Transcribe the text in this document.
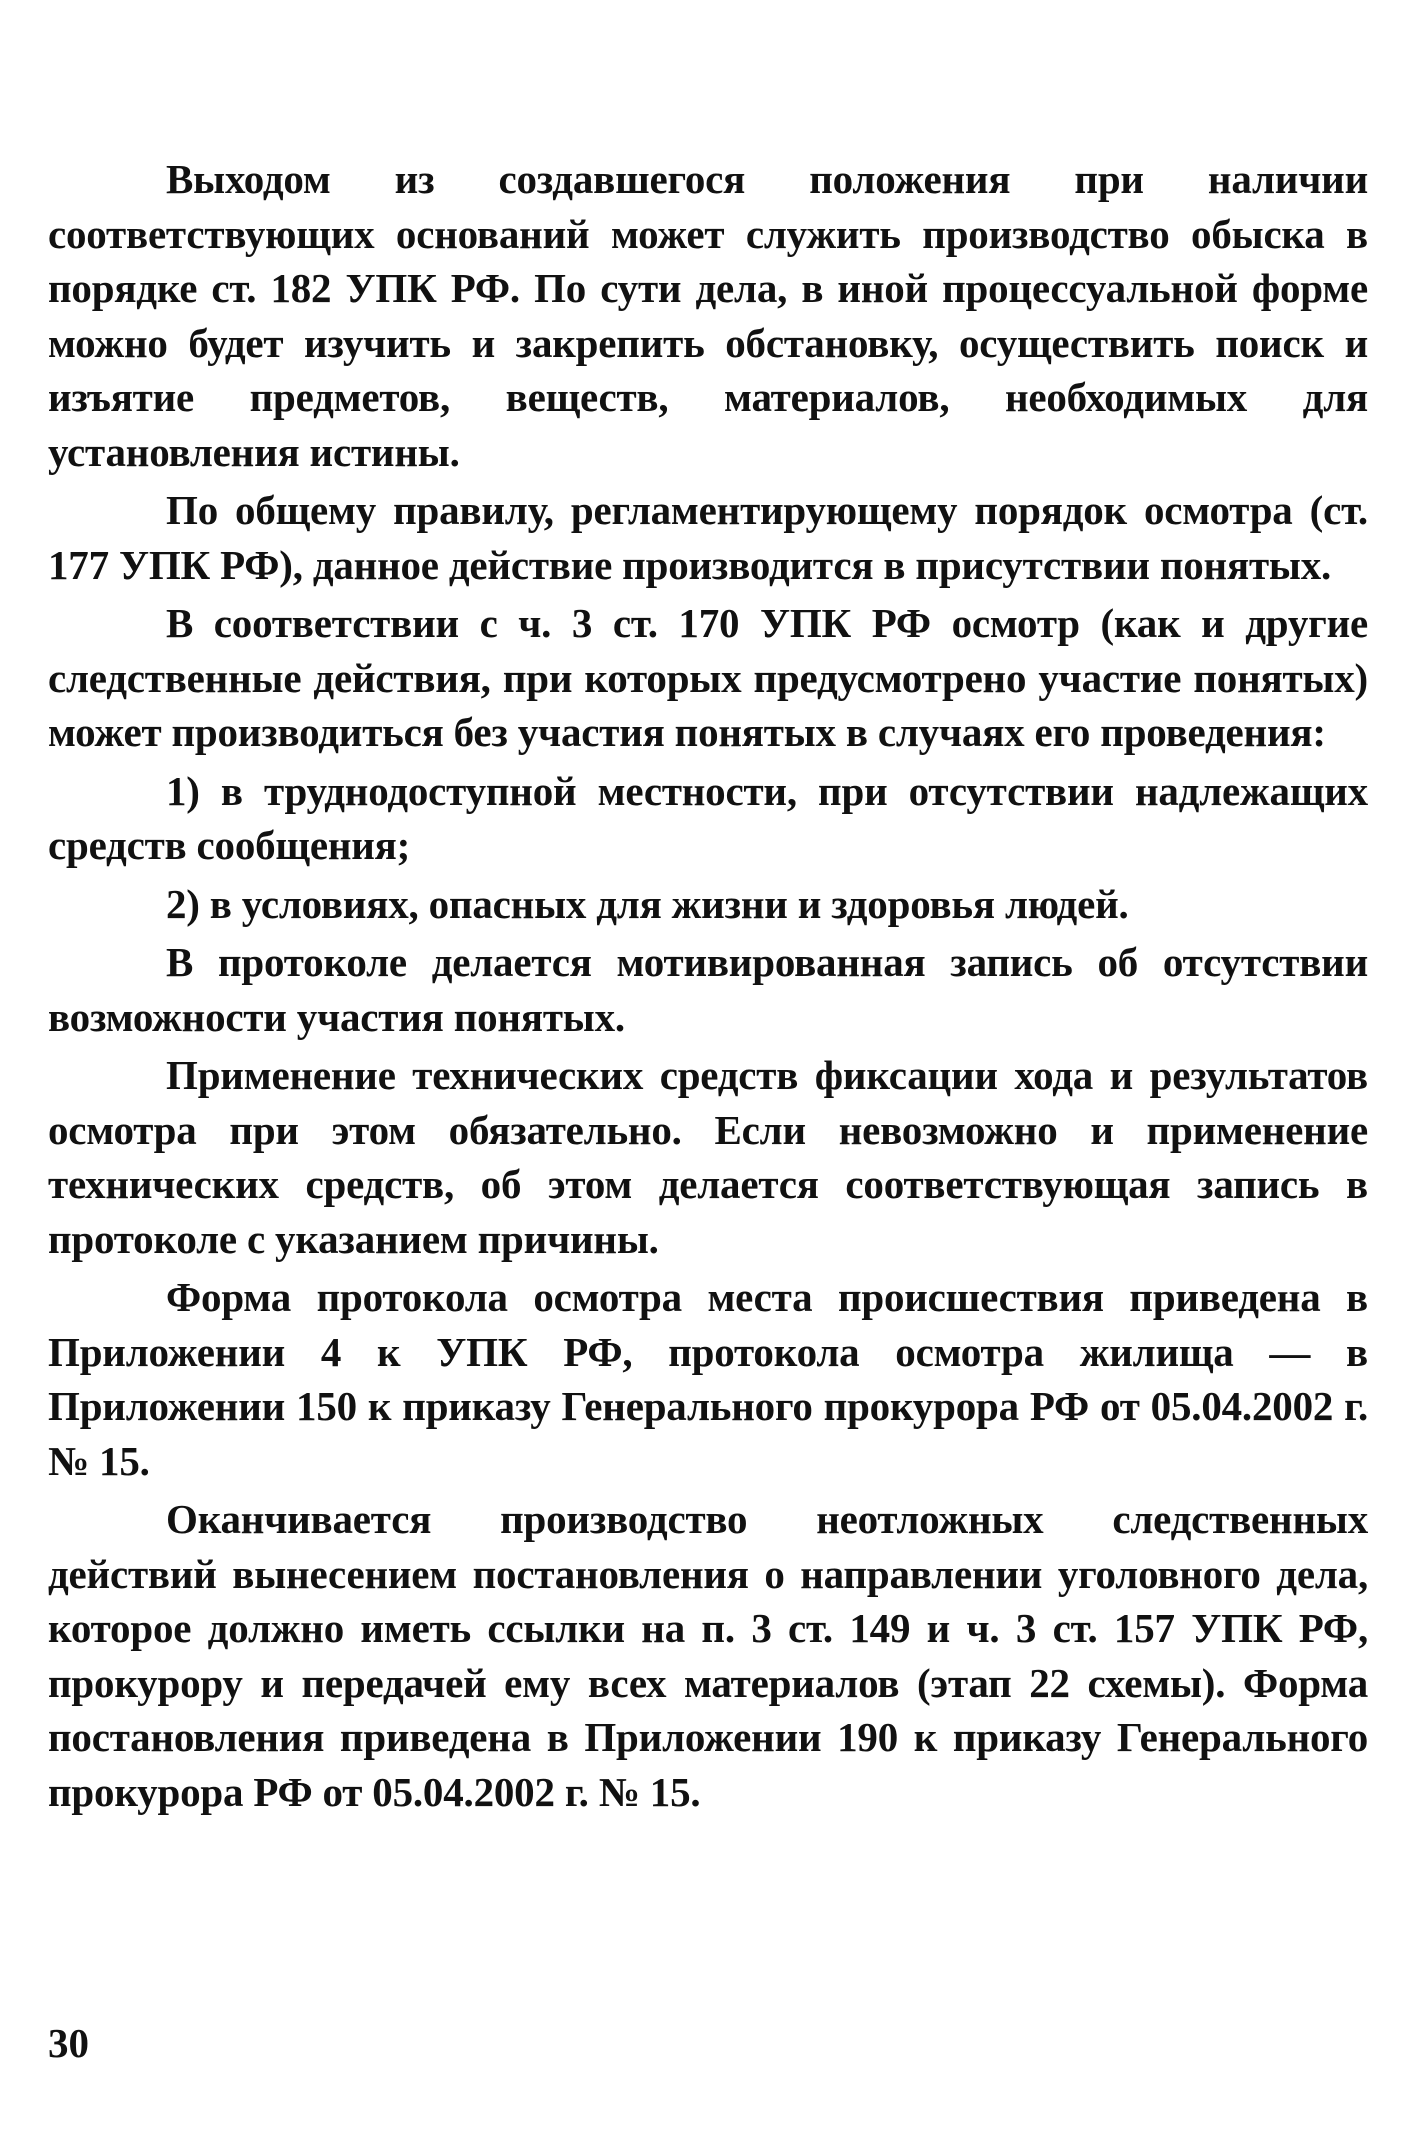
Выходом из создавшегося положения при наличии соответствующих оснований может служить производство обыска в порядке ст. 182 УПК РФ. По сути дела, в иной процессуальной форме можно будет изучить и закрепить обстановку, осуществить поиск и изъятие предметов, веществ, материалов, необходимых для установления истины.

По общему правилу, регламентирующему порядок осмотра (ст. 177 УПК РФ), данное действие производится в присутствии понятых.

В соответствии с ч. 3 ст. 170 УПК РФ осмотр (как и другие следственные действия, при которых предусмотрено участие понятых) может производиться без участия понятых в случаях его проведения:

1) в труднодоступной местности, при отсутствии надлежащих средств сообщения;

2) в условиях, опасных для жизни и здоровья людей.

В протоколе делается мотивированная запись об отсутствии возможности участия понятых.

Применение технических средств фиксации хода и результатов осмотра при этом обязательно. Если невозможно и применение технических средств, об этом делается соответствующая запись в протоколе с указанием причины.

Форма протокола осмотра места происшествия приведена в Приложении 4 к УПК РФ, протокола осмотра жилища — в Приложении 150 к приказу Генерального прокурора РФ от 05.04.2002 г. № 15.

Оканчивается производство неотложных следственных действий вынесением постановления о направлении уголовного дела, которое должно иметь ссылки на п. 3 ст. 149 и ч. 3 ст. 157 УПК РФ, прокурору и передачей ему всех материалов (этап 22 схемы). Форма постановления приведена в Приложении 190 к приказу Генерального прокурора РФ от 05.04.2002 г. № 15.

30
